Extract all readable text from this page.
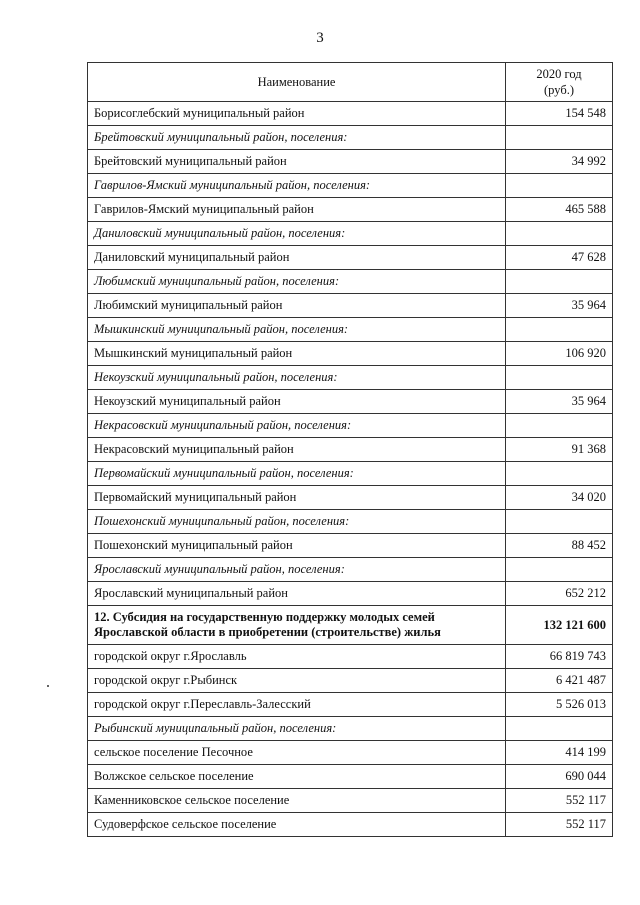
3
Наименование	2020 год
(руб.)

Борисоглебский муниципальный район	154 548
Брейтовский муниципальный район, поселения:	
Брейтовский муниципальный район	34 992
Гаврилов-Ямский муниципальный район, поселения:	
Гаврилов-Ямский муниципальный район	465 588
Даниловский муниципальный район, поселения:	
Даниловский муниципальный район	47 628
Любимский муниципальный район, поселения:	
Любимский муниципальный район	35 964
Мышкинский муниципальный район, поселения:	
Мышкинский муниципальный район	106 920
Некоузский муниципальный район, поселения:	
Некоузский муниципальный район	35 964
Некрасовский муниципальный район, поселения:	
Некрасовский муниципальный район	91 368
Первомайский муниципальный район, поселения:	
Первомайский муниципальный район	34 020
Пошехонский муниципальный район, поселения:	
Пошехонский муниципальный район	88 452
Ярославский муниципальный район, поселения:	
Ярославский муниципальный район	652 212
12. Субсидия на государственную поддержку молодых семей Ярославской области в приобретении (строительстве) жилья	132 121 600
городской округ г.Ярославль	66 819 743
городской округ г.Рыбинск	6 421 487
городской округ г.Переславль-Залесский	5 526 013
Рыбинский муниципальный район, поселения:	
сельское поселение Песочное	414 199
Волжское сельское поселение	690 044
Каменниковское сельское поселение	552 117
Судоверфское сельское поселение	552 117
